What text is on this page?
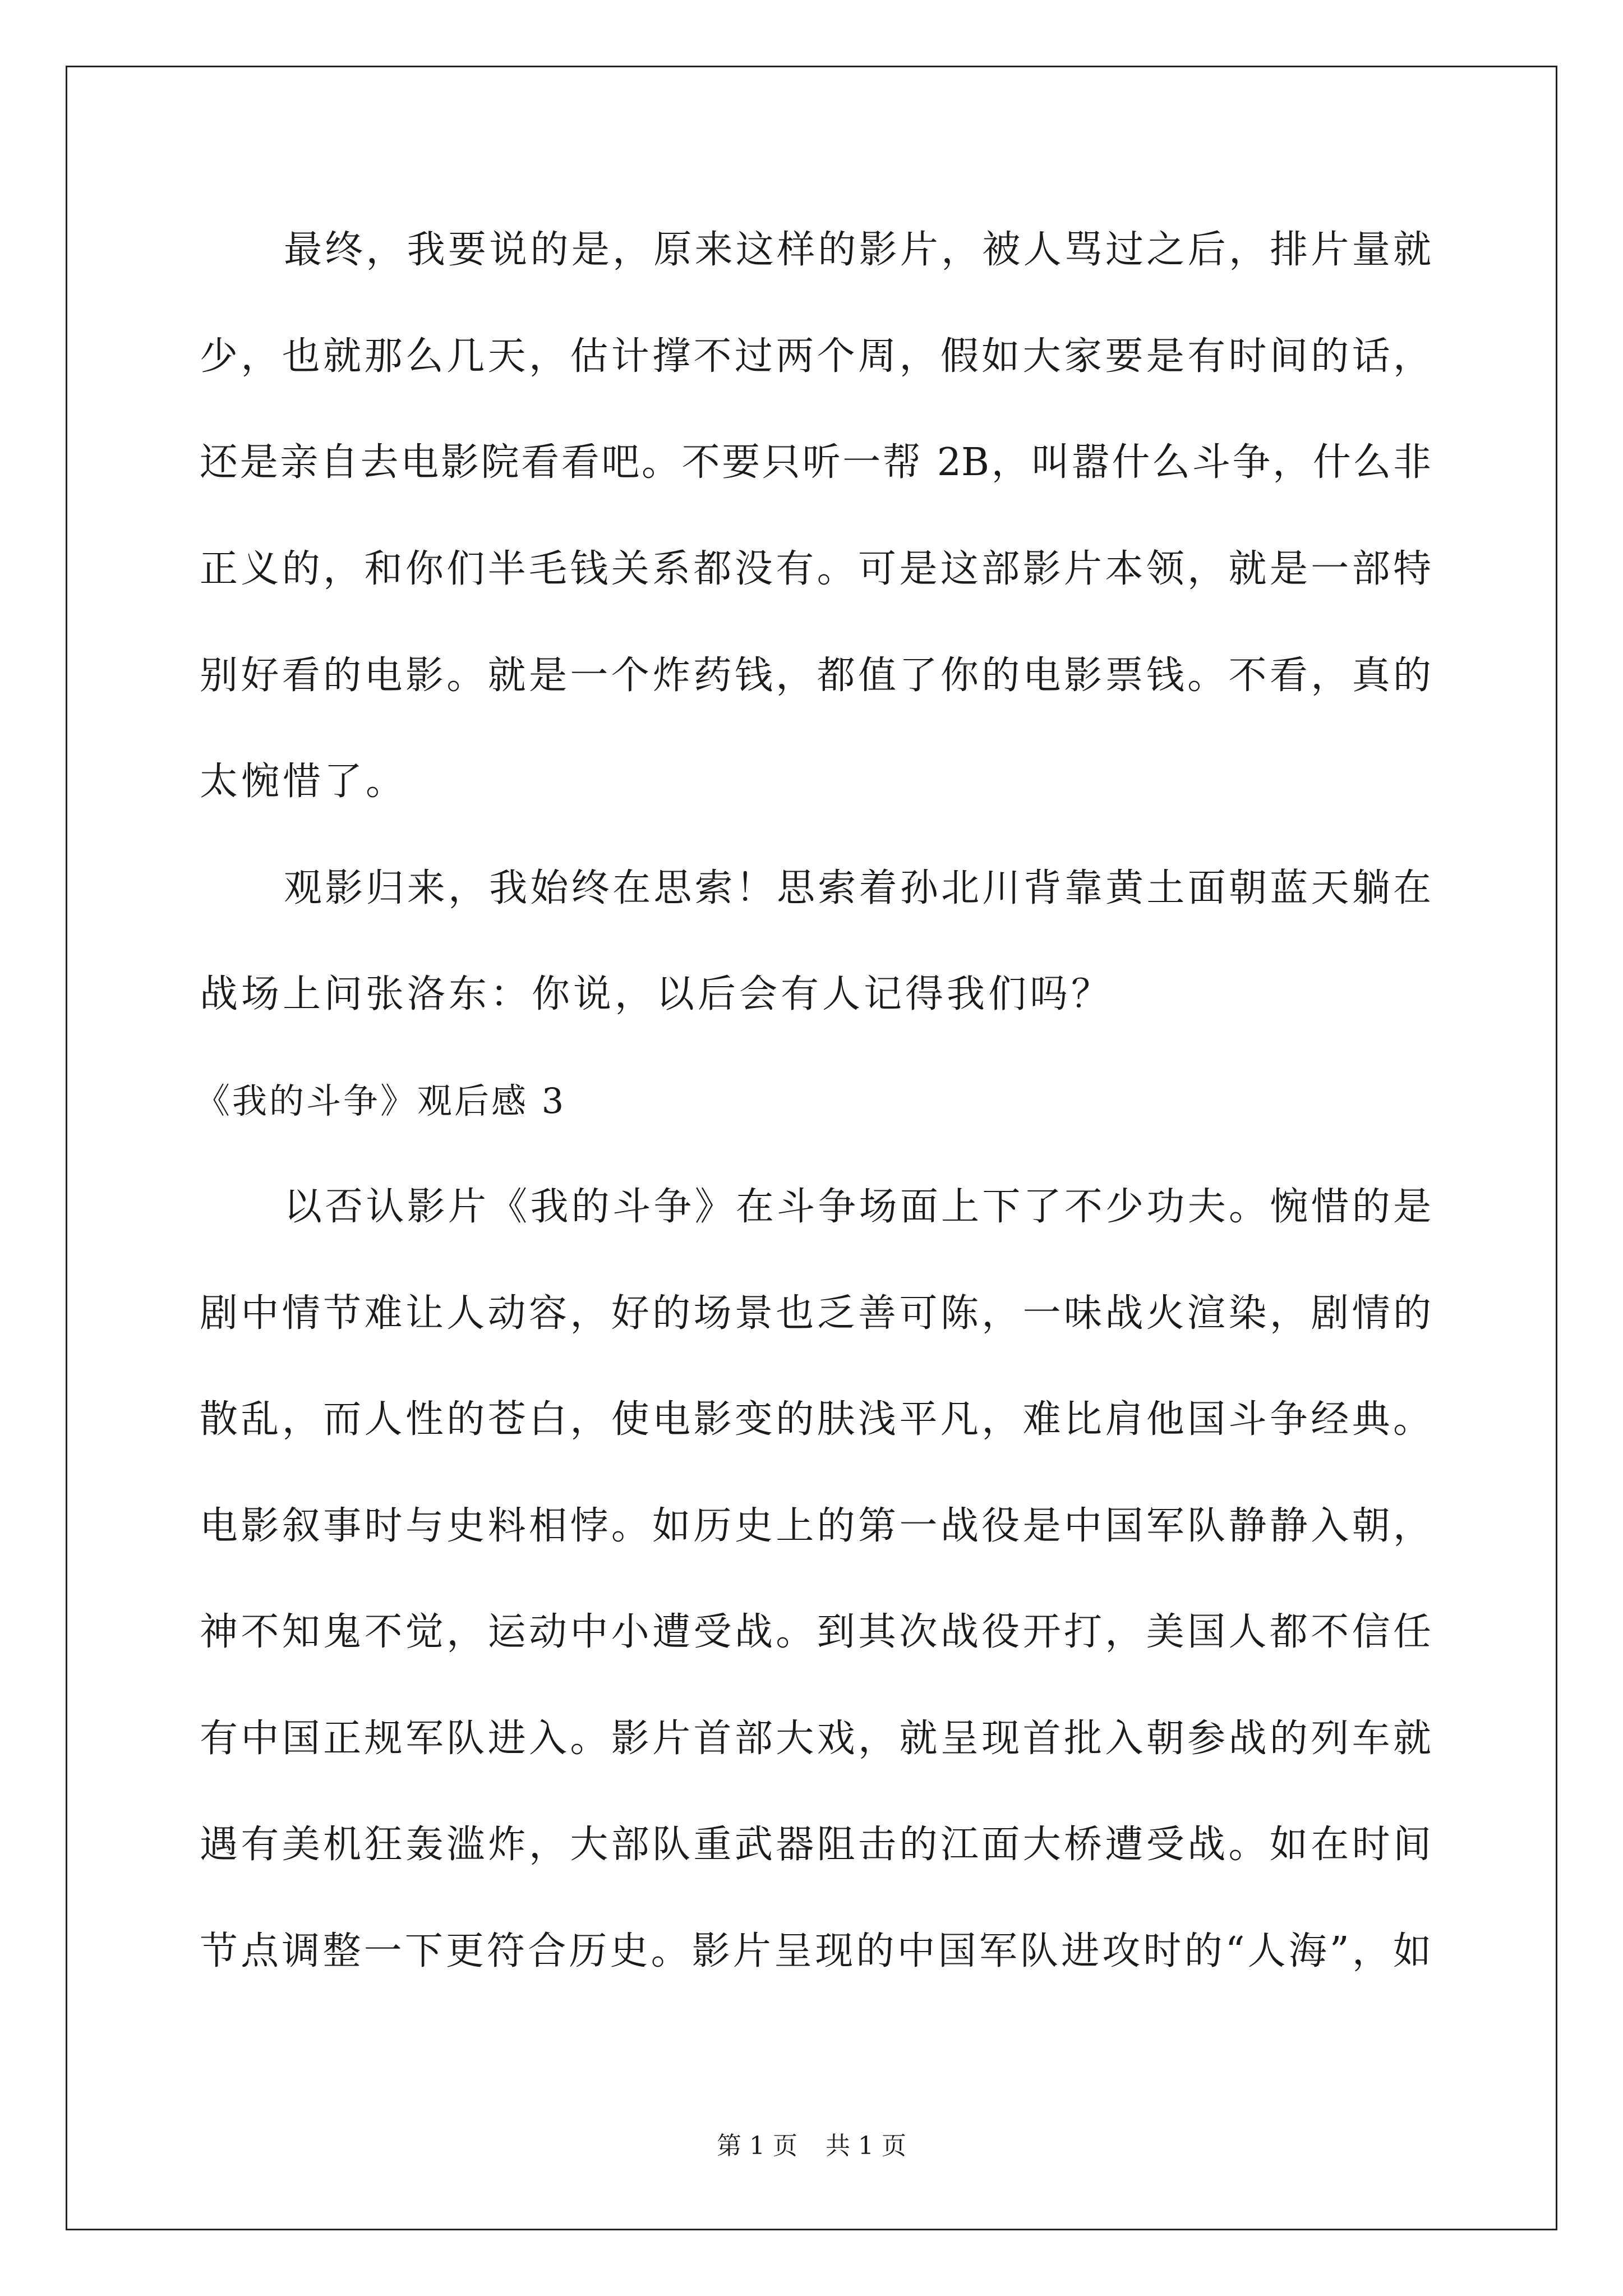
最终，我要说的是，原来这样的影片，被人骂过之后，排片量就
少，也就那么几天，估计撑不过两个周，假如大家要是有时间的话，
还是亲自去电影院看看吧。不要只听一帮 2B，叫嚣什么斗争，什么非
正义的，和你们半毛钱关系都没有。可是这部影片本领，就是一部特
别好看的电影。就是一个炸药钱，都值了你的电影票钱。不看，真的
太惋惜了。
观影归来，我始终在思索！思索着孙北川背靠黄土面朝蓝天躺在
战场上问张洛东：你说，以后会有人记得我们吗？
以否认影片《我的斗争》在斗争场面上下了不少功夫。惋惜的是
剧中情节难让人动容，好的场景也乏善可陈，一味战火渲染，剧情的
散乱，而人性的苍白，使电影变的肤浅平凡，难比肩他国斗争经典。
电影叙事时与史料相悖。如历史上的第一战役是中国军队静静入朝，
神不知鬼不觉，运动中小遭受战。到其次战役开打，美国人都不信任
有中国正规军队进入。影片首部大戏，就呈现首批入朝参战的列车就
遇有美机狂轰滥炸，大部队重武器阻击的江面大桥遭受战。如在时间
节点调整一下更符合历史。影片呈现的中国军队进攻时的“人海”，如
《我的斗争》观后感 3
第 1 页 共 1 页
